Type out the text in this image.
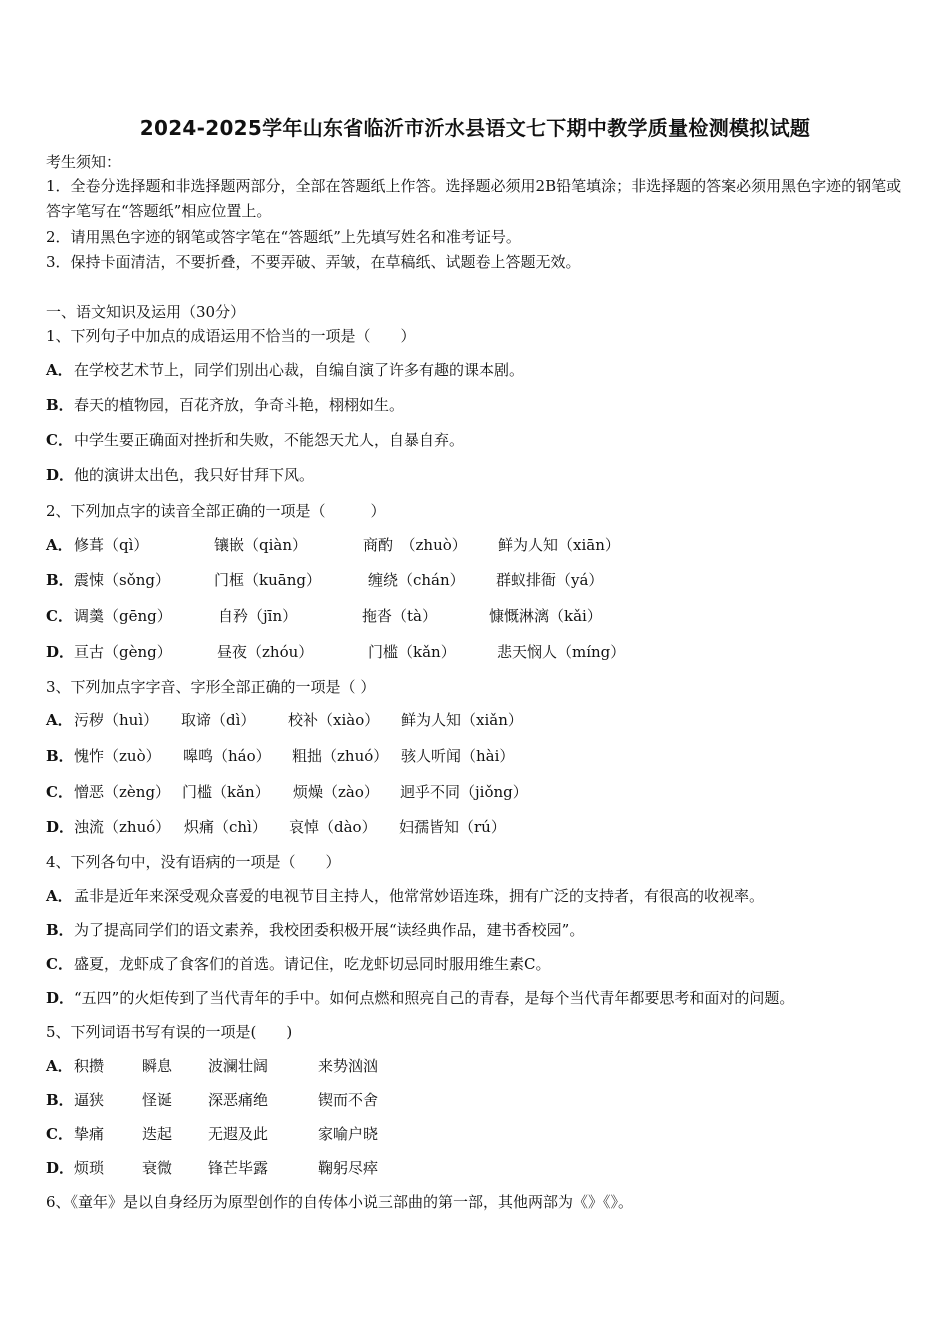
2024-2025学年山东省临沂市沂水县语文七下期中教学质量检测模拟试题
考生须知：
1．全卷分选择题和非选择题两部分，全部在答题纸上作答。选择题必须用2B铅笔填涂；非选择题的答案必须用黑色字迹的钢笔或答字笔写在“答题纸”相应位置上。
2．请用黑色字迹的钢笔或答字笔在“答题纸”上先填写姓名和准考证号。
3．保持卡面清洁，不要折叠，不要弄破、弄皱，在草稿纸、试题卷上答题无效。
一、语文知识及运用（30分）
1、下列句子中加点的成语运用不恰当的一项是（　　）
A．在学校艺术节上，同学们别出心裁，自编自演了许多有趣的课本剧。
B．春天的植物园，百花齐放，争奇斗艳，栩栩如生。
C．中学生要正确面对挫折和失败，不能怨天尤人，自暴自弃。
D．他的演讲太出色，我只好甘拜下风。
2、下列加点字的读音全部正确的一项是（　　　）
A． 修葺（qì）	镶嵌（qiàn）	商酌　（zhuò） 鲜为人知（xiān）
B． 震悚（sǒng）	门框（kuāng）	缠绕（chán） 群蚁排衙（yá）
C． 调羹（gēng）	自矜（jīn）	拖沓（tà）	慷慨淋漓（kǎi）
D． 亘古（gèng）	昼夜（zhóu）	门槛（kǎn）	悲天悯人（míng）
3、下列加点字字音、字形全部正确的一项是（ ）
A． 污秽（huì） 取谛（dì） 校补（xiào） 鲜为人知（xiǎn）
B． 愧怍（zuò） 嗥鸣（háo） 粗拙（zhuó） 骇人听闻（hài）
C． 憎恶（zèng） 门槛（kǎn） 烦燥（zào） 迥乎不同（jiǒng）
D． 浊流（zhuó） 炽痛（chì） 哀悼（dào） 妇孺皆知（rú）
4、下列各句中，没有语病的一项是（　　）
A．孟非是近年来深受观众喜爱的电视节目主持人，他常常妙语连珠，拥有广泛的支持者，有很高的收视率。
B．为了提高同学们的语文素养，我校团委积极开展“读经典作品，建书香校园”。
C．盛夏，龙虾成了食客们的首选。请记住，吃龙虾切忌同时服用维生素C。
D．“五四”的火炬传到了当代青年的手中。如何点燃和照亮自己的青春，是每个当代青年都要思考和面对的问题。
5、下列词语书写有误的一项是(　　)
A． 积攒	瞬息 波澜壮阔	来势汹汹
B． 逼狭	怪诞 深恶痛绝	锲而不舍
C． 挚痛	迭起 无遐及此	家喻户晓
D． 烦琐	衰微 锋芒毕露	鞠躬尽瘁
6、《童年》是以自身经历为原型创作的自传体小说三部曲的第一部，其他两部为《》《》。
